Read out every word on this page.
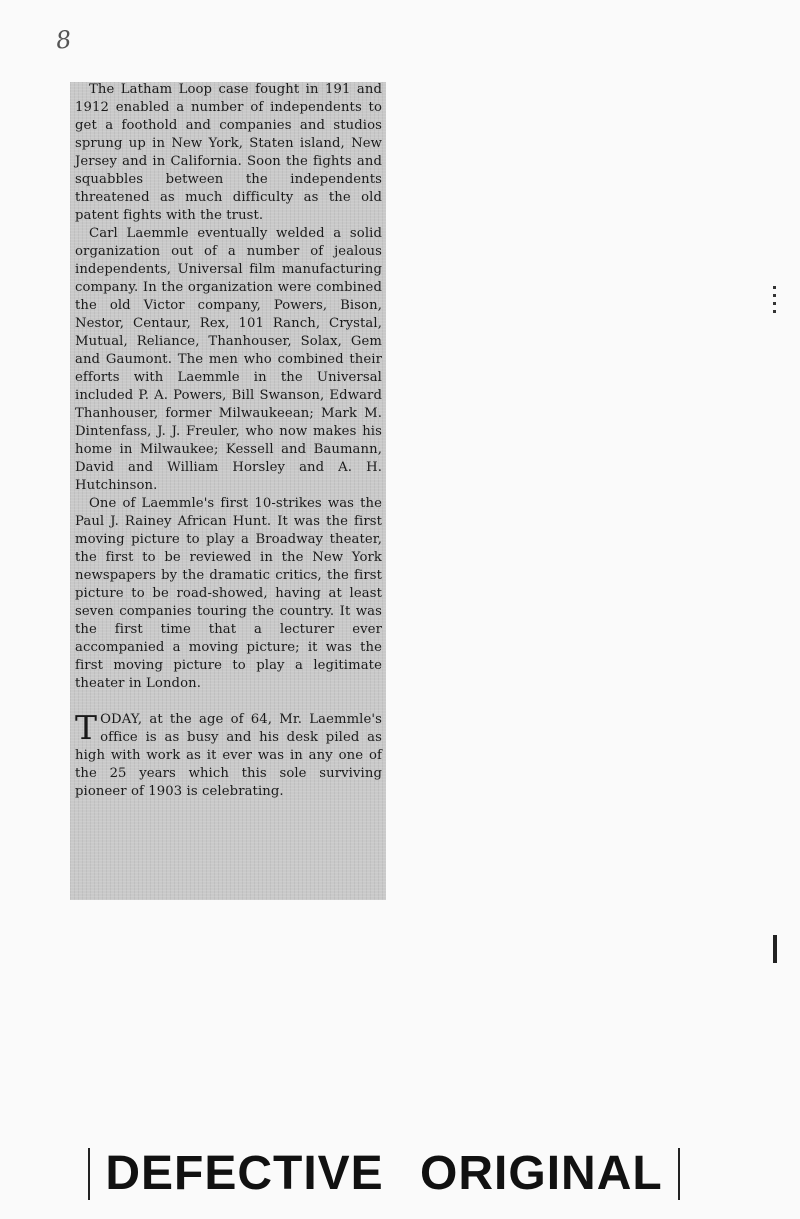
8

The Latham Loop case fought in 191 and 1912 enabled a number of independents to get a foothold and companies and studios sprung up in New York, Staten island, New Jersey and in California. Soon the fights and squabbles between the independents threatened as much difficulty as the old patent fights with the trust.

Carl Laemmle eventually welded a solid organization out of a number of jealous independents, Universal film manufacturing company. In the organization were combined the old Victor company, Powers, Bison, Nestor, Centaur, Rex, 101 Ranch, Crystal, Mutual, Reliance, Thanhouser, Solax, Gem and Gaumont. The men who combined their efforts with Laemmle in the Universal included P. A. Powers, Bill Swanson, Edward Thanhouser, former Milwaukeean; Mark M. Dintenfass, J. J. Freuler, who now makes his home in Milwaukee; Kessell and Baumann, David and William Horsley and A. H. Hutchinson.

One of Laemmle's first 10-strikes was the Paul J. Rainey African Hunt. It was the first moving picture to play a Broadway theater, the first to be reviewed in the New York newspapers by the dramatic critics, the first picture to be road-showed, having at least seven companies touring the country. It was the first time that a lecturer ever accompanied a moving picture; it was the first moving picture to play a legitimate theater in London.

TODAY, at the age of 64, Mr. Laemmle's office is as busy and his desk piled as high with work as it ever was in any one of the 25 years which this sole surviving pioneer of 1903 is celebrating.

DEFECTIVE ORIGINAL
